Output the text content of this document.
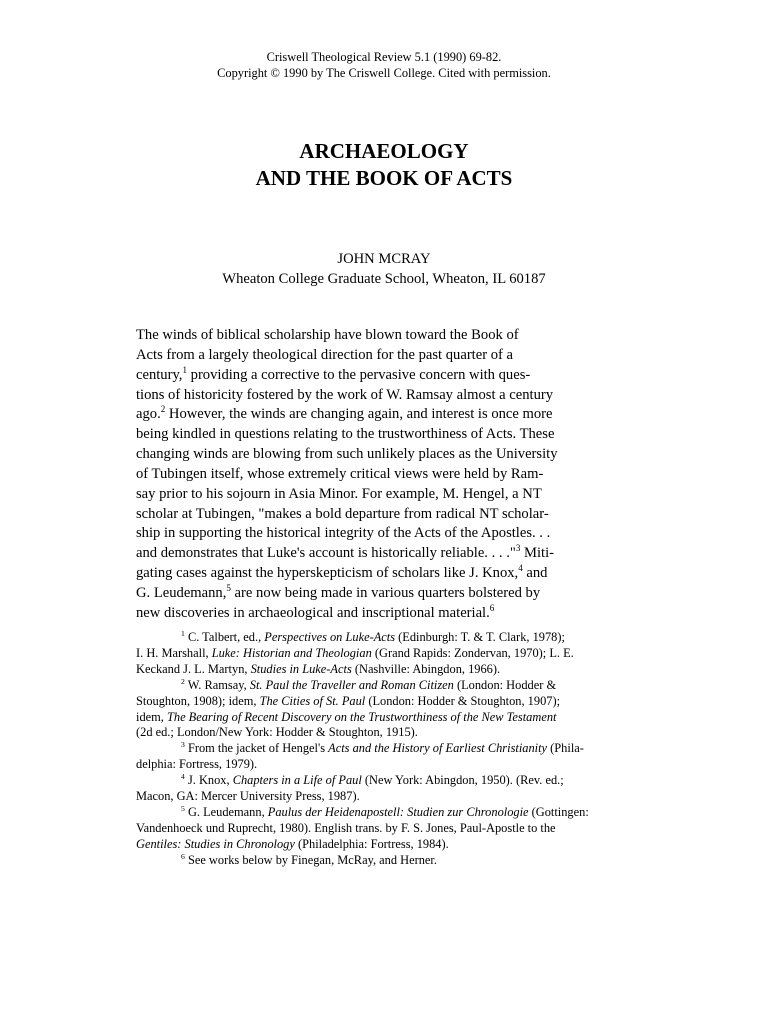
Criswell Theological Review 5.1 (1990) 69-82.
Copyright © 1990 by The Criswell College. Cited with permission.
ARCHAEOLOGY
AND THE BOOK OF ACTS
JOHN MCRAY
Wheaton College Graduate School, Wheaton, IL 60187
The winds of biblical scholarship have blown toward the Book of
Acts from a largely theological direction for the past quarter of a
century,$^1$ providing a corrective to the pervasive concern with ques-
tions of historicity fostered by the work of W. Ramsay almost a century
ago.$^2$ However, the winds are changing again, and interest is once more
being kindled in questions relating to the trustworthiness of Acts. These
changing winds are blowing from such unlikely places as the University
of Tubingen itself, whose extremely critical views were held by Ram-
say prior to his sojourn in Asia Minor. For example, M. Hengel, a NT
scholar at Tubingen, "makes a bold departure from radical NT scholar-
ship in supporting the historical integrity of the Acts of the Apostles. . .
and demonstrates that Luke's account is historically reliable. . . ."$^3$ Miti-
gating cases against the hyperskepticism of scholars like J. Knox,$^4$ and
G. Leudemann,$^5$ are now being made in various quarters bolstered by
new discoveries in archaeological and inscriptional material.$^6$
$^1$ C. Talbert, ed., Perspectives on Luke-Acts (Edinburgh: T. & T. Clark, 1978);
I. H. Marshall, Luke: Historian and Theologian (Grand Rapids: Zondervan, 1970); L. E.
Keckand J. L. Martyn, Studies in Luke-Acts (Nashville: Abingdon, 1966).
$^2$ W. Ramsay, St. Paul the Traveller and Roman Citizen (London: Hodder &
Stoughton, 1908); idem, The Cities of St. Paul (London: Hodder & Stoughton, 1907);
idem, The Bearing of Recent Discovery on the Trustworthiness of the New Testament
(2d ed.; London/New York: Hodder & Stoughton, 1915).
$^3$ From the jacket of Hengel's Acts and the History of Earliest Christianity (Phila-
delphia: Fortress, 1979).
$^4$ J. Knox, Chapters in a Life of Paul (New York: Abingdon, 1950). (Rev. ed.;
Macon, GA: Mercer University Press, 1987).
$^5$ G. Leudemann, Paulus der Heidenapostell: Studien zur Chronologie (Gottingen:
Vandenhoeck und Ruprecht, 1980). English trans. by F. S. Jones, Paul-Apostle to the
Gentiles: Studies in Chronology (Philadelphia: Fortress, 1984).
$^6$ See works below by Finegan, McRay, and Herner.
